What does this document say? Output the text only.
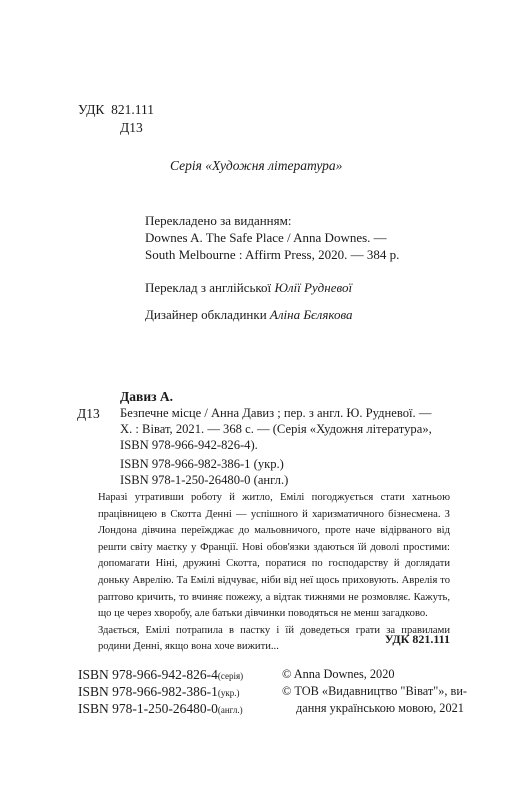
УДК 821.111
Д13
Серія «Художня література»
Перекладено за виданням:
Downes A. The Safe Place / Anna Downes. —
South Melbourne : Affirm Press, 2020. — 384 р.
Переклад з англійської Юлії Рудневої
Дизайнер обкладинки Аліна Бєлякова
Давиз А.
Д13 Безпечне місце / Анна Давиз ; пер. з англ. Ю. Рудневої. —
Х. : Віват, 2021. — 368 с. — (Серія «Художня література»,
ISBN 978-966-942-826-4).
ISBN 978-966-982-386-1 (укр.)
ISBN 978-1-250-26480-0 (англ.)

Наразі утративши роботу й житло, Емілі погоджується стати хатньою працівницею в Скотта Денні — успішного й харизматичного бізнесмена. З Лондона дівчина переїжджає до мальовничого, проте наче відірваного від решти світу маєтку у Франції. Нові обов'язки здаються їй доволі простими: допомагати Ніні, дружині Скотта, поратися по господарству й доглядати доньку Аврелію. Та Емілі відчуває, ніби від неї щось приховують. Аврелія то раптово кричить, то вчиняє пожежу, а відтак тижнями не розмовляє. Кажуть, що це через хворобу, але батьки дівчинки поводяться не менш загадково.

Здається, Емілі потрапила в пастку і їй доведеться грати за правилами родини Денні, якщо вона хоче вижити...

УДК 821.111
ISBN 978-966-942-826-4(серія)
ISBN 978-966-982-386-1(укр.)
ISBN 978-1-250-26480-0(англ.)
© Anna Downes, 2020
© ТОВ «Видавництво "Віват"», ви-
дання українською мовою, 2021
